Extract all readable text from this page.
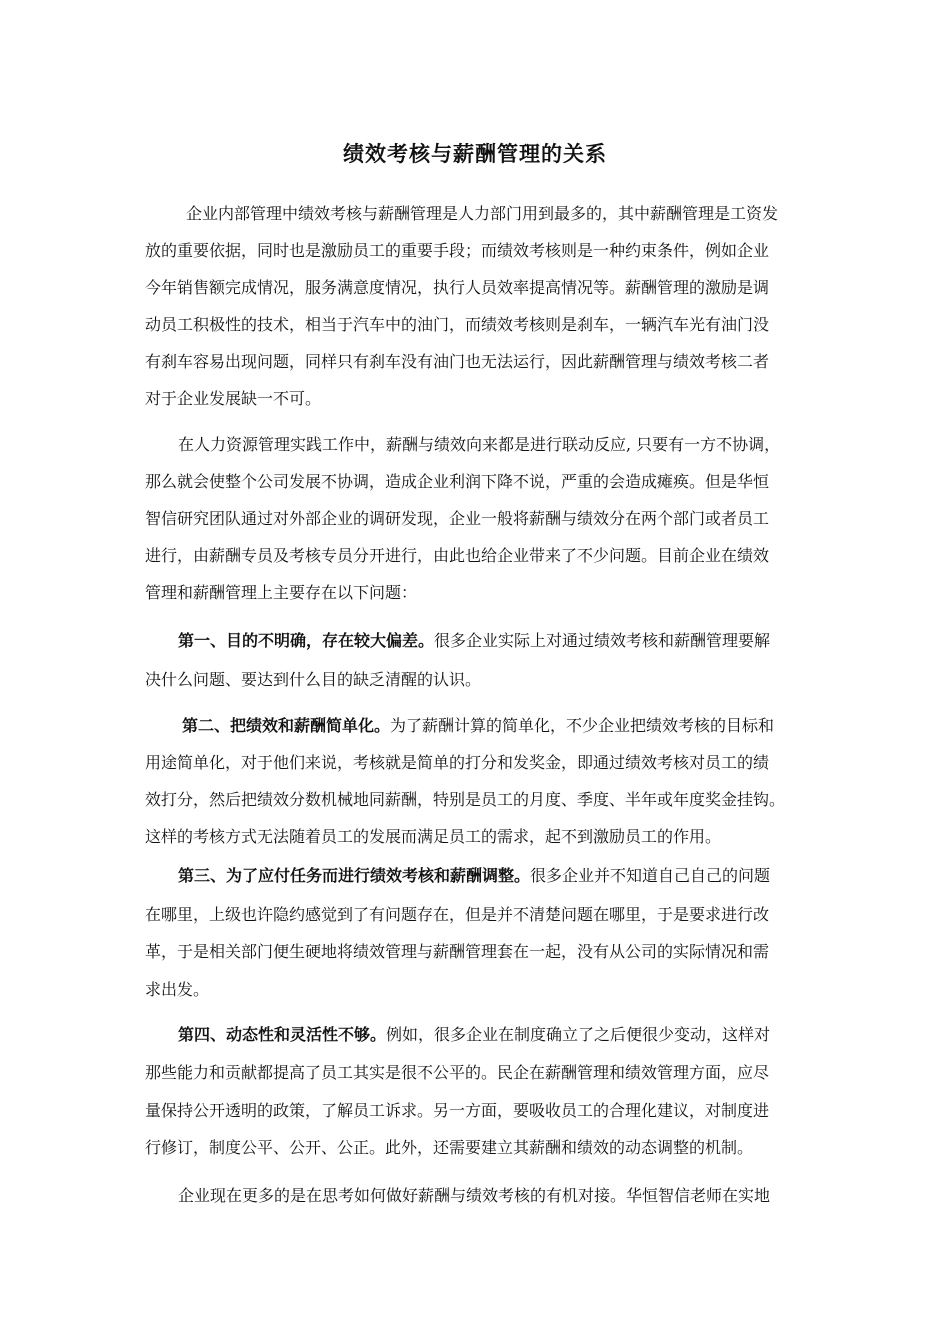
绩效考核与薪酬管理的关系
企业内部管理中绩效考核与薪酬管理是人力部门用到最多的，其中薪酬管理是工资发
放的重要依据，同时也是激励员工的重要手段；而绩效考核则是一种约束条件，例如企业
今年销售额完成情况，服务满意度情况，执行人员效率提高情况等。薪酬管理的激励是调
动员工积极性的技术，相当于汽车中的油门，而绩效考核则是刹车，一辆汽车光有油门没
有刹车容易出现问题，同样只有刹车没有油门也无法运行，因此薪酬管理与绩效考核二者
对于企业发展缺一不可。
在人力资源管理实践工作中，薪酬与绩效向来都是进行联动反应, 只要有一方不协调，
那么就会使整个公司发展不协调，造成企业利润下降不说，严重的会造成瘫痪。但是华恒
智信研究团队通过对外部企业的调研发现，企业一般将薪酬与绩效分在两个部门或者员工
进行，由薪酬专员及考核专员分开进行，由此也给企业带来了不少问题。目前企业在绩效
管理和薪酬管理上主要存在以下问题：
第一、目的不明确，存在较大偏差。很多企业实际上对通过绩效考核和薪酬管理要解
决什么问题、要达到什么目的缺乏清醒的认识。
第二、把绩效和薪酬简单化。为了薪酬计算的简单化，不少企业把绩效考核的目标和
用途简单化，对于他们来说，考核就是简单的打分和发奖金，即通过绩效考核对员工的绩
效打分，然后把绩效分数机械地同薪酬，特别是员工的月度、季度、半年或年度奖金挂钩。
这样的考核方式无法随着员工的发展而满足员工的需求，起不到激励员工的作用。
第三、为了应付任务而进行绩效考核和薪酬调整。很多企业并不知道自己自己的问题
在哪里，上级也许隐约感觉到了有问题存在，但是并不清楚问题在哪里，于是要求进行改
革，于是相关部门便生硬地将绩效管理与薪酬管理套在一起，没有从公司的实际情况和需
求出发。
第四、动态性和灵活性不够。例如，很多企业在制度确立了之后便很少变动，这样对
那些能力和贡献都提高了员工其实是很不公平的。民企在薪酬管理和绩效管理方面，应尽
量保持公开透明的政策，了解员工诉求。另一方面，要吸收员工的合理化建议，对制度进
行修订，制度公平、公开、公正。此外，还需要建立其薪酬和绩效的动态调整的机制。
企业现在更多的是在思考如何做好薪酬与绩效考核的有机对接。华恒智信老师在实地
